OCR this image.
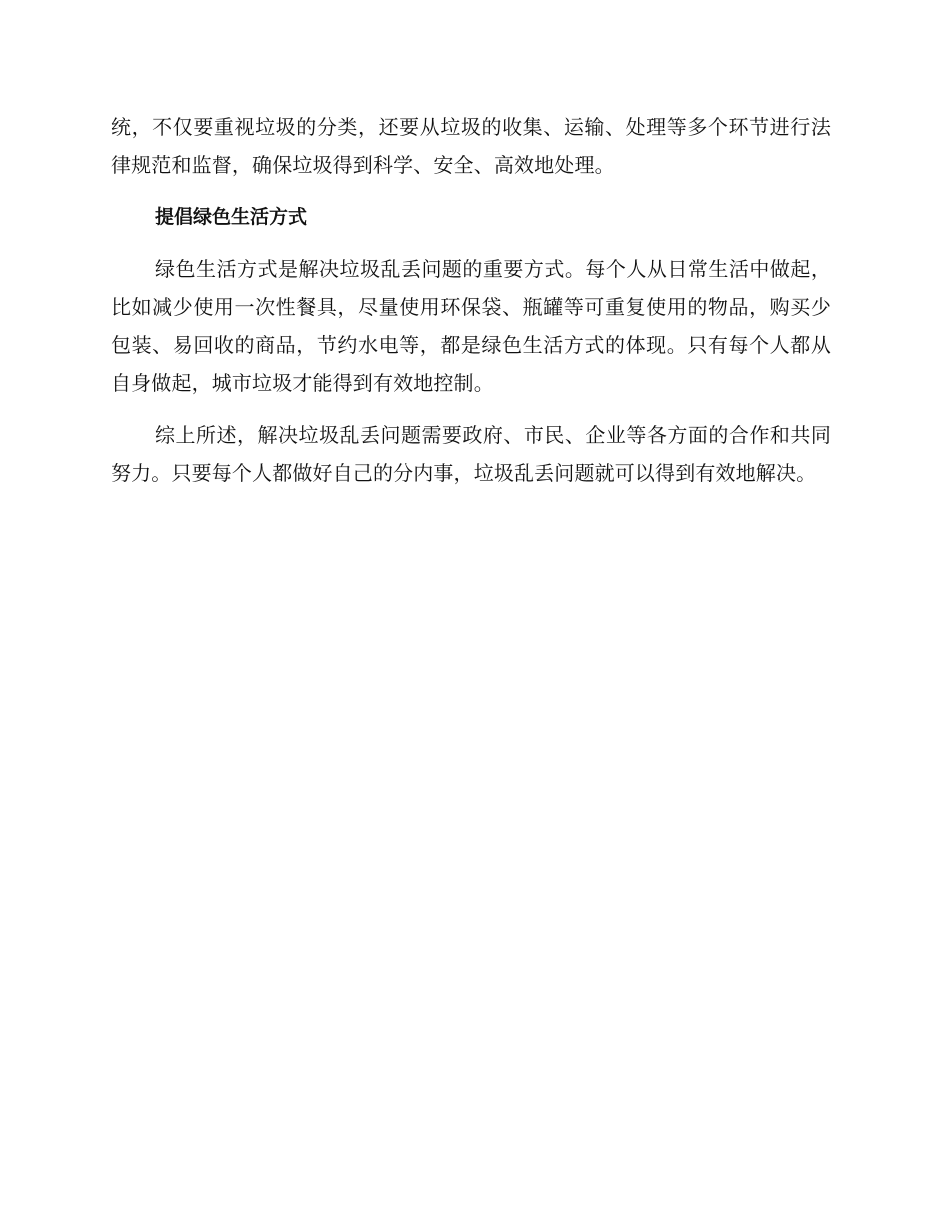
统，不仅要重视垃圾的分类，还要从垃圾的收集、运输、处理等多个环节进行法律规范和监督，确保垃圾得到科学、安全、高效地处理。

提倡绿色生活方式

绿色生活方式是解决垃圾乱丢问题的重要方式。每个人从日常生活中做起，比如减少使用一次性餐具，尽量使用环保袋、瓶罐等可重复使用的物品，购买少包装、易回收的商品，节约水电等，都是绿色生活方式的体现。只有每个人都从自身做起，城市垃圾才能得到有效地控制。

综上所述，解决垃圾乱丢问题需要政府、市民、企业等各方面的合作和共同努力。只要每个人都做好自己的分内事，垃圾乱丢问题就可以得到有效地解决。
